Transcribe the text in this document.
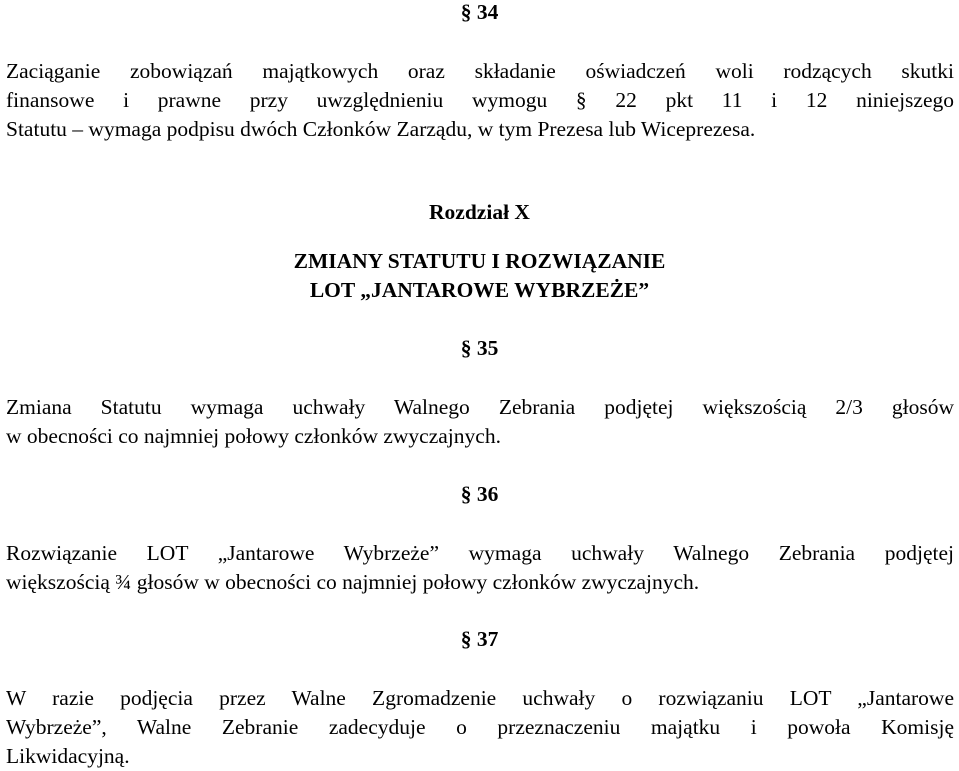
§ 34
Zaciąganie zobowiązań majątkowych oraz składanie oświadczeń woli rodzących skutki
finansowe i prawne przy uwzględnieniu wymogu § 22 pkt 11 i 12 niniejszego
Statutu – wymaga podpisu dwóch Członków Zarządu, w tym Prezesa lub Wiceprezesa.
Rozdział X
ZMIANY STATUTU I ROZWIĄZANIE
LOT „JANTAROWE WYBRZEŻE”
§ 35
Zmiana Statutu wymaga uchwały Walnego Zebrania podjętej większością 2/3 głosów
w obecności co najmniej połowy członków zwyczajnych.
§ 36
Rozwiązanie LOT „Jantarowe Wybrzeże” wymaga uchwały Walnego Zebrania podjętej
większością ¾ głosów w obecności co najmniej połowy członków zwyczajnych.
§ 37
W razie podjęcia przez Walne Zgromadzenie uchwały o rozwiązaniu LOT „Jantarowe
Wybrzeże”, Walne Zebranie zadecyduje o przeznaczeniu majątku i powoła Komisję
Likwidacyjną.
